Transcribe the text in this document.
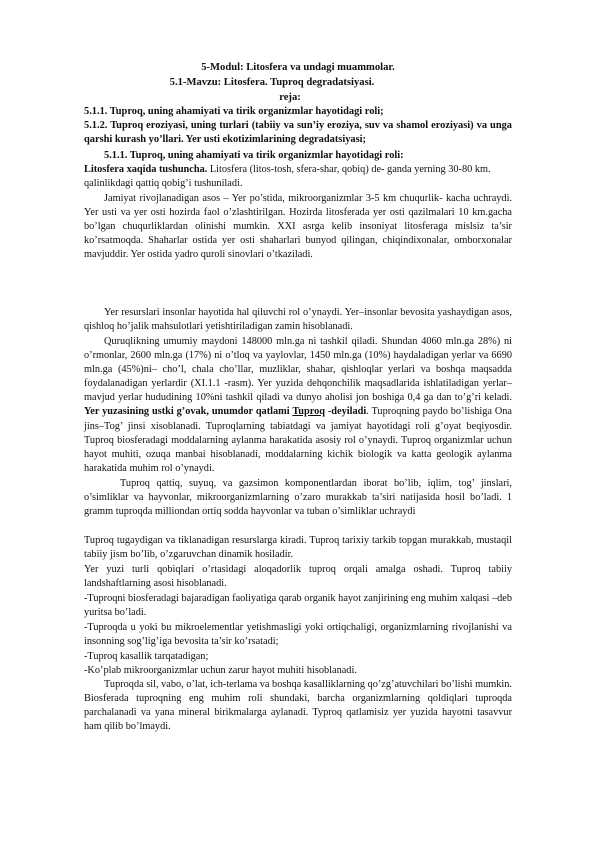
5-Modul: Litosfera va undagi muammolar.
5.1-Mavzu: Litosfera. Tuproq degradatsiyasi.
reja:
5.1.1. Tuproq, uning ahamiyati va tirik organizmlar hayotidagi roli;
5.1.2. Tuproq eroziyasi, uning turlari (tabiiy va sun’iy eroziya, suv va shamol eroziyasi) va unga qarshi kurash yo’llari. Yer usti ekotizimlarining degradatsiyasi;
5.1.1. Tuproq, uning ahamiyati va tirik organizmlar hayotidagi roli:
Litosfera xaqida tushuncha. Litosfera (litos-tosh, sfera-shar, qobiq) de- ganda yerning 30-80 km. qalinlikdagi qattiq qobig’i tushuniladi.
Jamiyat rivojlanadigan asos – Yer po’stida, mikroorganizmlar 3-5 km chuqurlik- kacha uchraydi. Yer usti va yer osti hozirda faol o’zlashtirilgan. Hozirda litosferada yer osti qazilmalari 10 km.gacha bo’lgan chuqurliklardan olinishi mumkin. XXI asrga kelib insoniyat litosferaga mislsiz ta’sir ko’rsatmoqda. Shaharlar ostida yer osti shaharlari bunyod qilingan, chiqindixonalar, omborxonalar mavjuddir. Yer ostida yadro quroli sinovlari o’tkaziladi.
Yer resurslari insonlar hayotida hal qiluvchi rol o’ynaydi. Yer–insonlar bevosita yashaydigan asos, qishloq ho’jalik mahsulotlari yetishtiriladigan zamin hisoblanadi.
Quruqlikning umumiy maydoni 148000 mln.ga ni tashkil qiladi. Shundan 4060 mln.ga 28%) ni o’rmonlar, 2600 mln.ga (17%) ni o’tloq va yaylovlar, 1450 mln.ga (10%) haydaladigan yerlar va 6690 mln.ga (45%)ni– cho’l, chala cho’llar, muzliklar, shahar, qishloqlar yerlari va boshqa maqsadda foydalanadigan yerlardir (XI.1.1 -rasm). Yer yuzida dehqonchilik maqsadlarida ishlatiladigan yerlar–mavjud yerlar hududining 10%ni tashkil qiladi va dunyo aholisi jon boshiga 0,4 ga dan to’g’ri keladi. Yer yuzasining ustki g’ovak, unumdor qatlami Tuproq -deyiladi. Tuproqning paydo bo’lishiga Ona jins–Tog’ jinsi xisoblanadi. Tuproqlarning tabiatdagi va jamiyat hayotidagi roli g’oyat beqiyosdir. Tuproq biosferadagi moddalarning aylanma harakatida asosiy rol o’ynaydi. Tuproq organizmlar uchun hayot muhiti, ozuqa manbai hisoblanadi, moddalarning kichik biologik va katta geologik aylanma harakatida muhim rol o’ynaydi.
Tuproq qattiq, suyuq, va gazsimon komponentlardan iborat bo’lib, iqlim, tog’ jinslari, o’simliklar va hayvonlar, mikroorganizmlarning o’zaro murakkab ta’siri natijasida hosil bo’ladi. 1 gramm tuproqda milliondan ortiq sodda hayvonlar va tuban o’simliklar uchraydi
Tuproq tugaydigan va tiklanadigan resurslarga kiradi. Tuproq tarixiy tarkib topgan murakkab, mustaqil tabiiy jism bo’lib, o’zgaruvchan dinamik hosiladir.
Yer yuzi turli qobiqlari o’rtasidagi aloqadorlik tuproq orqali amalga oshadi. Tuproq tabiiy landshaftlarning asosi hisoblanadi.
-Tuproqni biosferadagi bajaradigan faoliyatiga qarab organik hayot zanjirining eng muhim xalqasi –deb yuritsa bo’ladi.
-Tuproqda u yoki bu mikroelementlar yetishmasligi yoki ortiqchaligi, organizmlarning rivojlanishi va insonning sog’lig’iga bevosita ta’sir ko’rsatadi;
-Tuproq kasallik tarqatadigan;
-Ko’plab mikroorganizmlar uchun zarur hayot muhiti hisoblanadi.
Tuproqda sil, vabo, o’lat, ich-terlama va boshqa kasalliklarning qo’zg’atuvchilari bo’lishi mumkin. Biosferada tuproqning eng muhim roli shundaki, barcha organizmlarning qoldiqlari tuproqda parchalanadi va yana mineral birikmalarga aylanadi. Typroq qatlamisiz yer yuzida hayotni tasavvur ham qilib bo’lmaydi.
